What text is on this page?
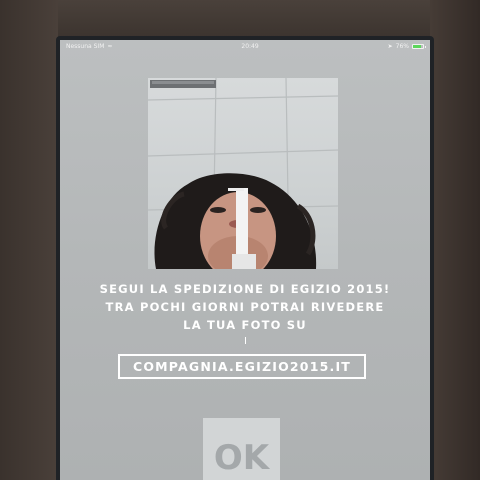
Nessuna SIM ≈	20:49	➤ 76%
SEGUI LA SPEDIZIONE DI EGIZIO 2015!
TRA POCHI GIORNI POTRAI RIVEDERE
LA TUA FOTO SU
COMPAGNIA.EGIZIO2015.IT
OK
